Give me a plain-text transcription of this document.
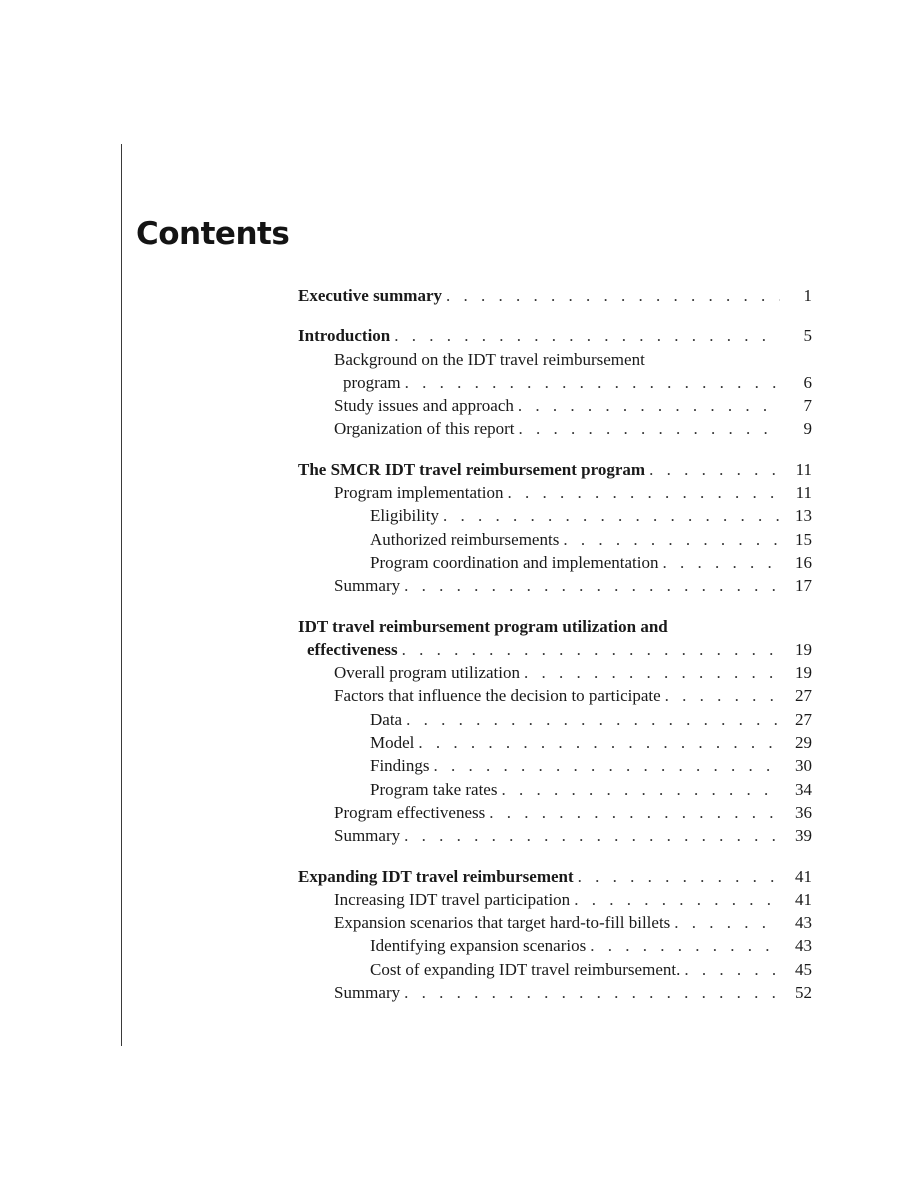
Contents
Executive summary . . .	1
Introduction . . .	5
Background on the IDT travel reimbursement
program . . .	6
Study issues and approach . . .	7
Organization of this report . . .	9
The SMCR IDT travel reimbursement program . . .	11
Program implementation . . .	11
Eligibility . . .	13
Authorized reimbursements . . .	15
Program coordination and implementation . . .	16
Summary . . .	17
IDT travel reimbursement program utilization and
effectiveness . . .	19
Overall program utilization . . .	19
Factors that influence the decision to participate . . .	27
Data . . .	27
Model . . .	29
Findings . . .	30
Program take rates . . .	34
Program effectiveness . . .	36
Summary . . .	39
Expanding IDT travel reimbursement . . .	41
Increasing IDT travel participation . . .	41
Expansion scenarios that target hard-to-fill billets . . .	43
Identifying expansion scenarios . . .	43
Cost of expanding IDT travel reimbursement. . . .	45
Summary . . .	52
